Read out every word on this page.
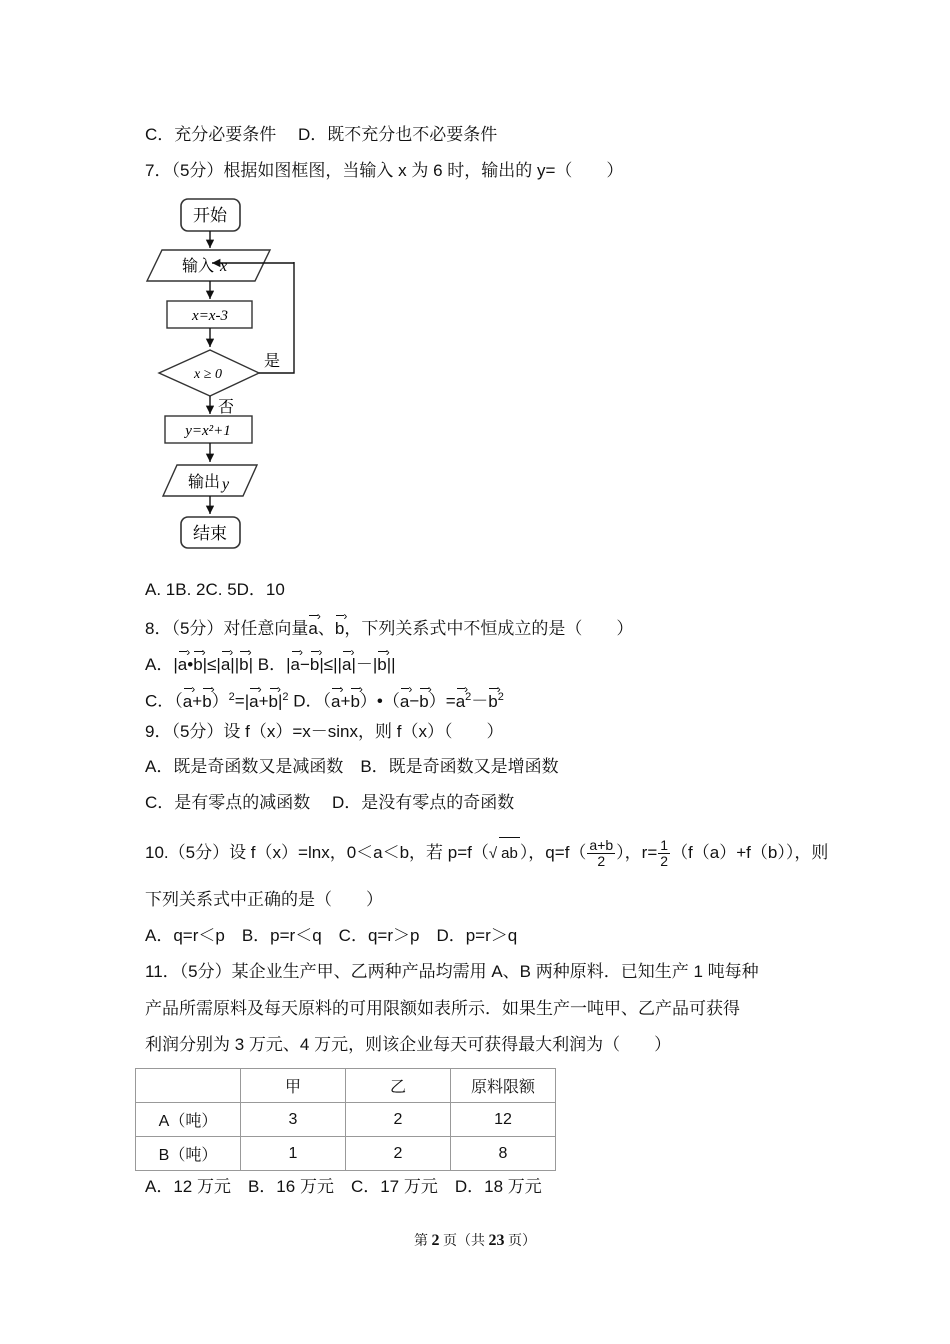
C．充分必要条件　 D．既不充分也不必要条件
7．（5分）根据如图框图，当输入 x 为 6 时，输出的 y=（　　）
开始
输入 x
x=x-3
x ≥ 0
是
否
y=x²+1
输出 y
结束
A. 1B. 2C. 5D．10
8．（5分）对任意向量a ›、b ›，下列关系式中不恒成立的是（　　）
A．|a ›•b ›|≤|a ›||b ›| B．|a ›−b ›|≤||a ›|－|b ›||
C．（a ›+b ›）$^2$=|a ›+b $›|^2$ D．（a ›+b ›）•（a ›−b ›）=a ›$^2$－b ›$^2$
9．（5分）设 f（x）=x－sinx，则 f（x）（　　）
A．既是奇函数又是减函数　B．既是奇函数又是增函数
C．是有零点的减函数　 D．是没有零点的奇函数
10.（5分）设 f（x）=lnx，0＜a＜b，若 p=f（√ ab ），$q=f( \frac{a+b}{2}$ ），$r= \frac{1}{2} (f(a)+f(b))$，则
下列关系式中正确的是（　　）
A．q=r＜p　B．p=r＜q　C．q=r＞p　D．p=r＞q
11．（5分）某企业生产甲、乙两种产品均需用 A、B 两种原料．已知生产 1 吨每种
产品所需原料及每天原料的可用限额如表所示．如果生产一吨甲、乙产品可获得
利润分别为 3 万元、4 万元，则该企业每天可获得最大利润为（　　）
	甲	乙	原料限额
A（吨）	3	2	12
B（吨）	1	2	8
A．12 万元　B．16 万元　C．17 万元　D．18 万元
第 2 页（共 23 页）
